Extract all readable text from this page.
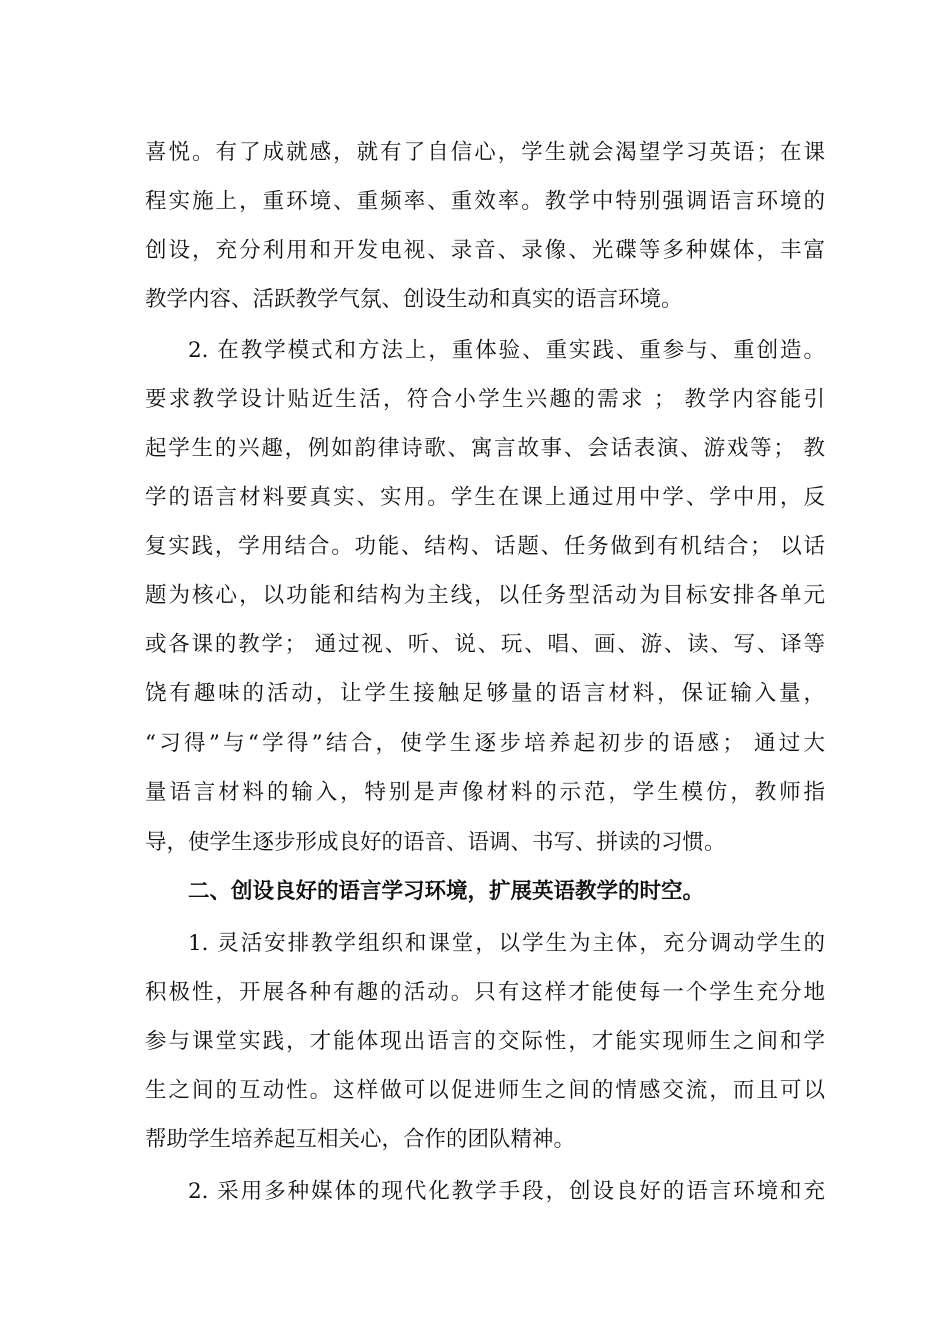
喜悦。有了成就感，就有了自信心，学生就会渴望学习英语；在课
程实施上，重环境、重频率、重效率。教学中特别强调语言环境的
创设，充分利用和开发电视、录音、录像、光碟等多种媒体，丰富
教学内容、活跃教学气氛、创设生动和真实的语言环境。
2. 在教学模式和方法上，重体验、重实践、重参与、重创造。
要求教学设计贴近生活，符合小学生兴趣的需求 ； 教学内容能引
起学生的兴趣，例如韵律诗歌、寓言故事、会话表演、游戏等； 教
学的语言材料要真实、实用。学生在课上通过用中学、学中用，反
复实践，学用结合。功能、结构、话题、任务做到有机结合； 以话
题为核心，以功能和结构为主线，以任务型活动为目标安排各单元
或各课的教学； 通过视、听、说、玩、唱、画、游、读、写、译等
饶有趣味的活动，让学生接触足够量的语言材料，保证输入量，
“习得”与“学得”结合，使学生逐步培养起初步的语感； 通过大
量语言材料的输入，特别是声像材料的示范，学生模仿，教师指
导，使学生逐步形成良好的语音、语调、书写、拼读的习惯。
二、创设良好的语言学习环境，扩展英语教学的时空。
1. 灵活安排教学组织和课堂，以学生为主体，充分调动学生的
积极性，开展各种有趣的活动。只有这样才能使每一个学生充分地
参与课堂实践，才能体现出语言的交际性，才能实现师生之间和学
生之间的互动性。这样做可以促进师生之间的情感交流，而且可以
帮助学生培养起互相关心，合作的团队精神。
2. 采用多种媒体的现代化教学手段，创设良好的语言环境和充
